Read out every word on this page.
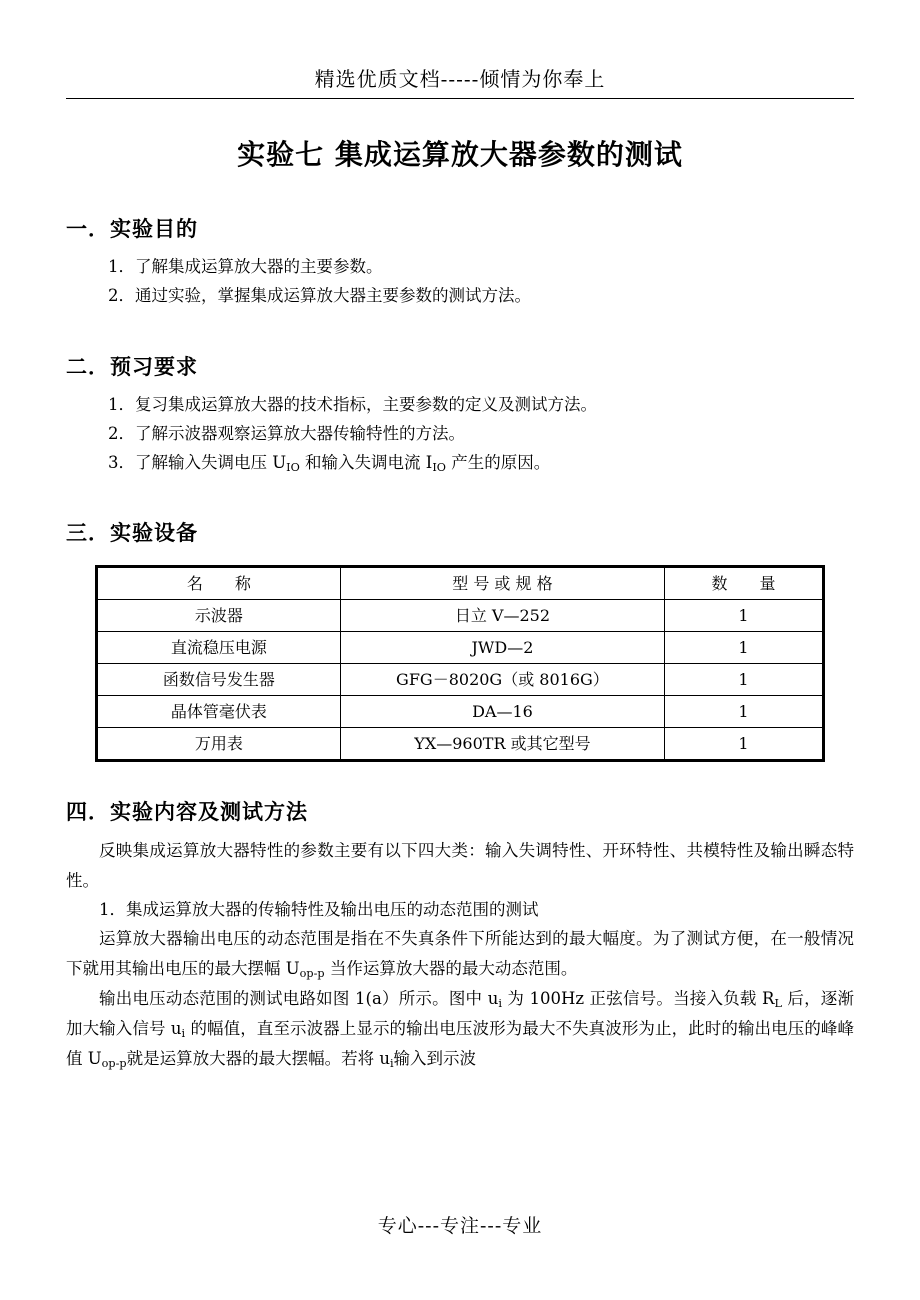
精选优质文档-----倾情为你奉上
实验七 集成运算放大器参数的测试
一．实验目的
1．了解集成运算放大器的主要参数。
2．通过实验，掌握集成运算放大器主要参数的测试方法。
二．预习要求
1．复习集成运算放大器的技术指标，主要参数的定义及测试方法。
2．了解示波器观察运算放大器传输特性的方法。
3．了解输入失调电压 $U_{IO}$ 和输入失调电流 $I_{IO}$ 产生的原因。
三．实验设备
名　　称	型 号 或 规 格	数　　量
示波器	日立 V—252	1
直流稳压电源	JWD—2	1
函数信号发生器	GFG－8020G（或 8016G）	1
晶体管毫伏表	DA—16	1
万用表	YX—960TR 或其它型号	1
四．实验内容及测试方法
反映集成运算放大器特性的参数主要有以下四大类：输入失调特性、开环特性、共模特性及输出瞬态特性。
1．集成运算放大器的传输特性及输出电压的动态范围的测试
运算放大器输出电压的动态范围是指在不失真条件下所能达到的最大幅度。为了测试方便，在一般情况下就用其输出电压的最大摆幅 $U_{op-p}$ 当作运算放大器的最大动态范围。
输出电压动态范围的测试电路如图 1(a）所示。图中 $u_i$ 为 100Hz 正弦信号。当接入负载 $R_L$ 后，逐渐加大输入信号 $u_i$ 的幅值，直至示波器上显示的输出电压波形为最大不失真波形为止，此时的输出电压的峰峰值 $U_{op-p}$就是运算放大器的最大摆幅。若将 $u_i$输入到示波
专心---专注---专业
